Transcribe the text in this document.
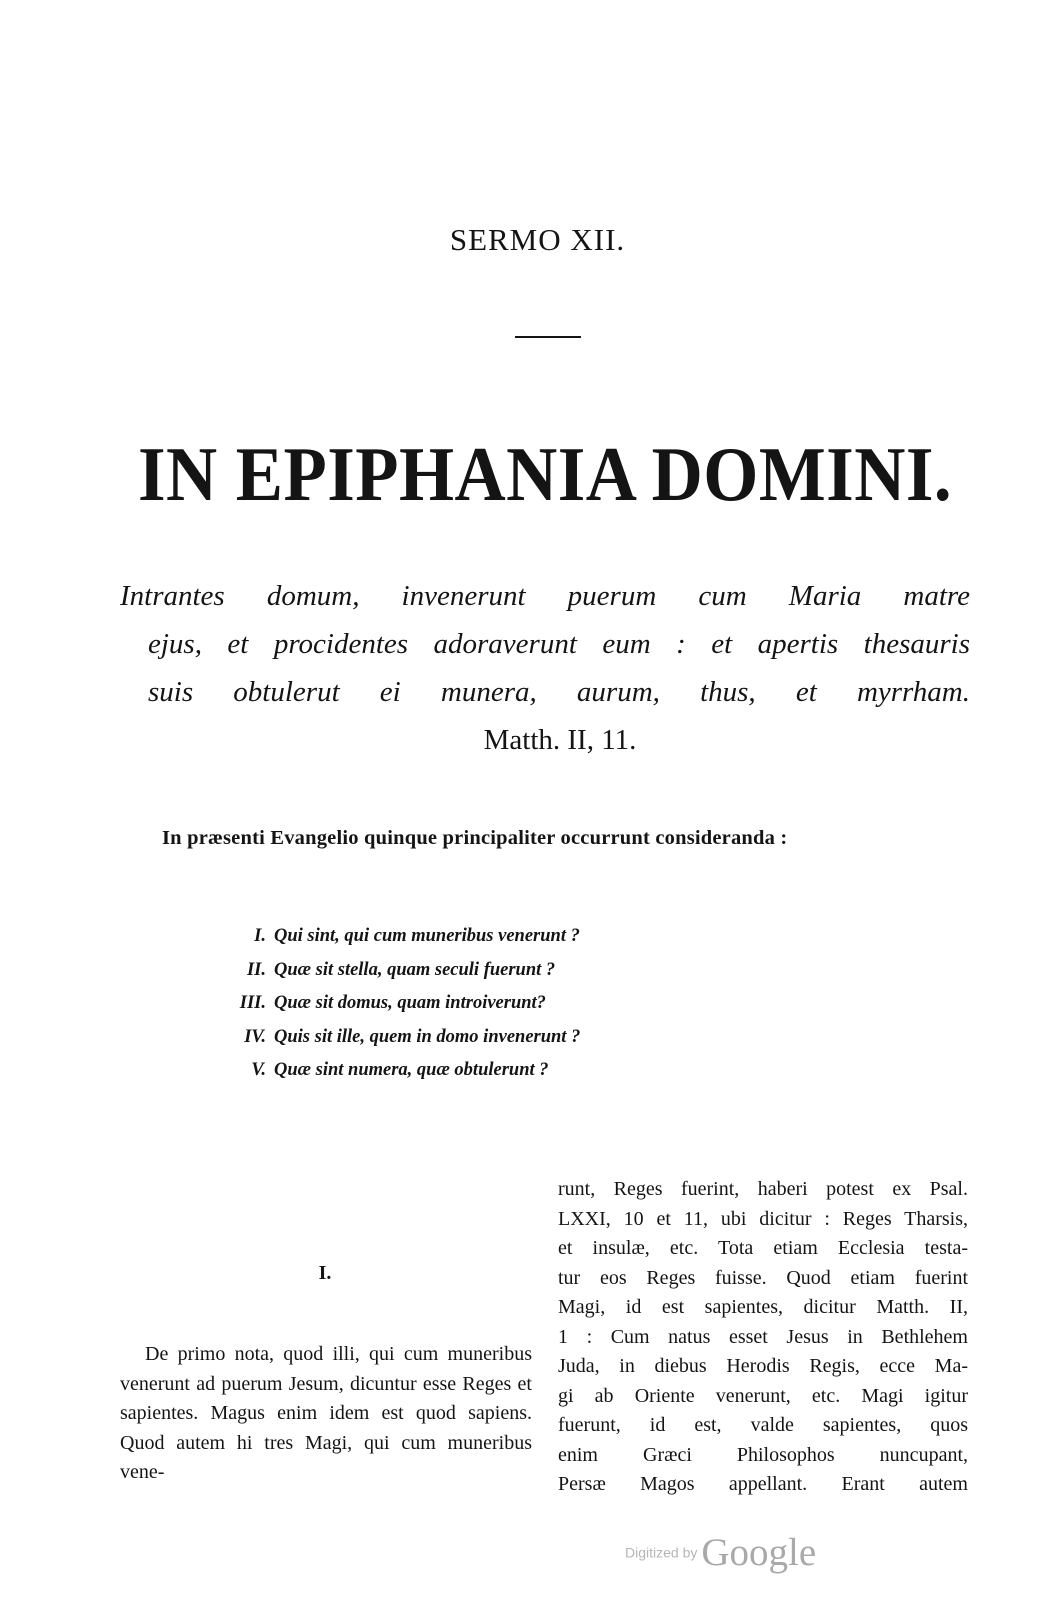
SERMO XII.
IN EPIPHANIA DOMINI.
Intrantes domum, invenerunt puerum cum Maria matre
ejus, et procidentes adoraverunt eum : et apertis thesauris
suis obtulerut ei munera, aurum, thus, et myrrham.
Matth. II, 11.
In præsenti Evangelio quinque principaliter occurrunt consideranda :
I. Qui sint, qui cum muneribus venerunt ?
II. Quæ sit stella, quam seculi fuerunt ?
III. Quæ sit domus, quam introiverunt?
IV. Quis sit ille, quem in domo invenerunt ?
V. Quæ sint numera, quæ obtulerunt ?
I.
De primo nota, quod illi, qui cum muneribus venerunt ad puerum Jesum, dicuntur esse Reges et sapientes. Magus enim idem est quod sapiens. Quod autem hi tres Magi, qui cum muneribus vene-
runt, Reges fuerint, haberi potest ex Psal.
LXXI, 10 et 11, ubi dicitur : Reges Tharsis,
et insulæ, etc. Tota etiam Ecclesia testa-
tur eos Reges fuisse. Quod etiam fuerint
Magi, id est sapientes, dicitur Matth. II,
1 : Cum natus esset Jesus in Bethlehem
Juda, in diebus Herodis Regis, ecce Ma-
gi ab Oriente venerunt, etc. Magi igitur
fuerunt, id est, valde sapientes, quos
enim Græci Philosophos nuncupant,
Persæ Magos appellant. Erant autem
Digitized by Google
